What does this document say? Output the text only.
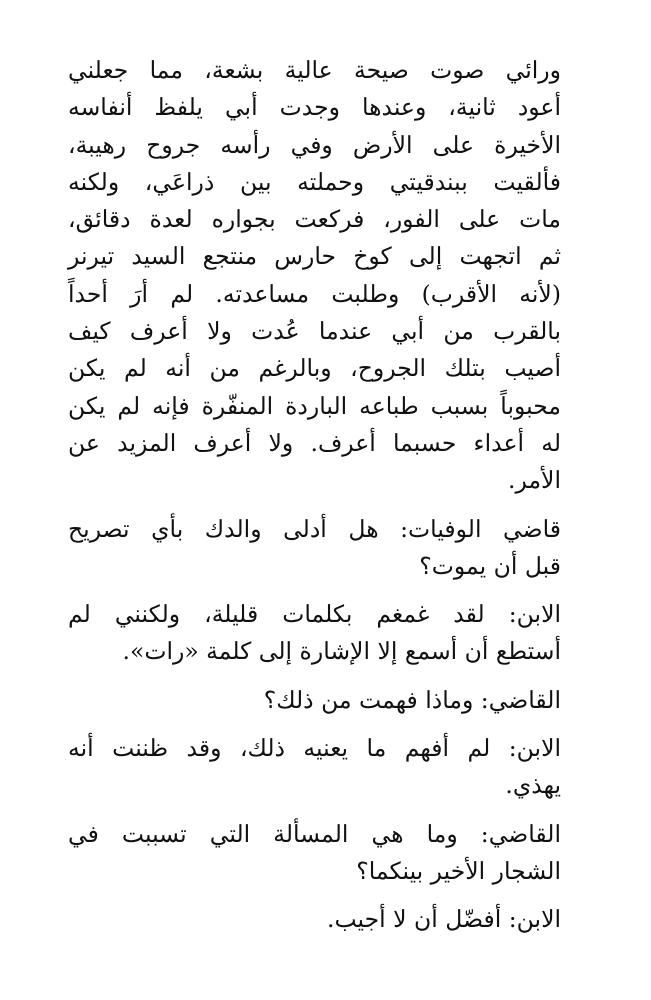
ورائي صوت صيحة عالية بشعة، مما جعلني
أعود ثانية، وعندها وجدت أبي يلفظ أنفاسه
الأخيرة على الأرض وفي رأسه جروح رهيبة،
فألقيت ببندقيتي وحملته بين ذراعَي، ولكنه
مات على الفور، فركعت بجواره لعدة دقائق،
ثم اتجهت إلى كوخ حارس منتجع السيد تيرنر
(لأنه الأقرب) وطلبت مساعدته. لم أرَ أحداً
بالقرب من أبي عندما عُدت ولا أعرف كيف
أصيب بتلك الجروح، وبالرغم من أنه لم يكن
محبوباً بسبب طباعه الباردة المنفّرة فإنه لم يكن
له أعداء حسبما أعرف. ولا أعرف المزيد عن
الأمر.

قاضي الوفيات: هل أدلى والدك بأي تصريح
قبل أن يموت؟

الابن: لقد غمغم بكلمات قليلة، ولكنني لم
أستطع أن أسمع إلا الإشارة إلى كلمة «رات».

القاضي: وماذا فهمت من ذلك؟

الابن: لم أفهم ما يعنيه ذلك، وقد ظننت أنه
يهذي.

القاضي: وما هي المسألة التي تسببت في
الشجار الأخير بينكما؟

الابن: أفضّل أن لا أجيب.
